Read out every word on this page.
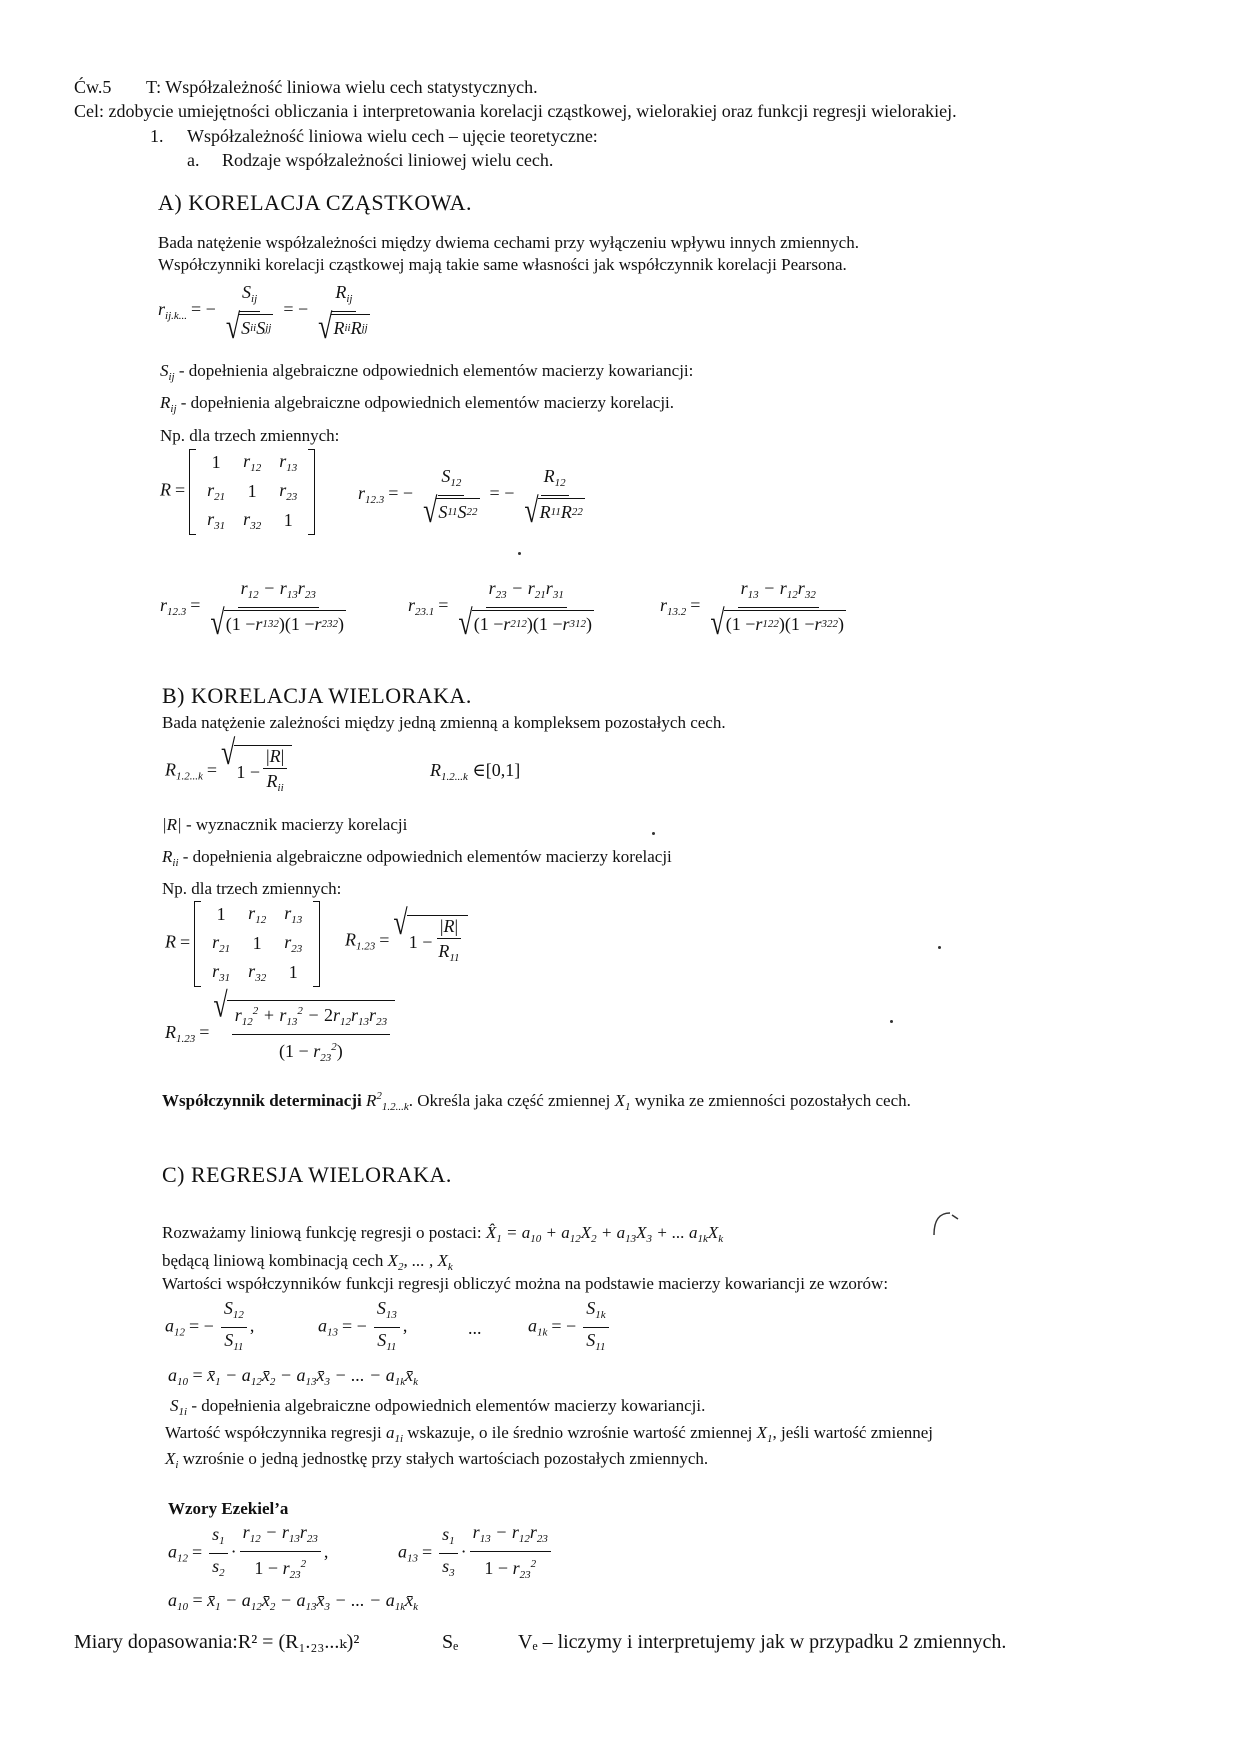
Ćw.5 T: Współzależność liniowa wielu cech statystycznych.
Cel: zdobycie umiejętności obliczania i interpretowania korelacji cząstkowej, wielorakiej oraz funkcji regresji wielorakiej.
1. Współzależność liniowa wielu cech – ujęcie teoretyczne:
a. Rodzaje współzależności liniowej wielu cech.
A) KORELACJA CZĄSTKOWA.
Bada natężenie współzależności między dwiema cechami przy wyłączeniu wpływu innych zmiennych.
Współczynniki korelacji cząstkowej mają takie same własności jak współczynnik korelacji Pearsona.
$r_{ij.k...}$ = − $\frac{S_{ij}}{\text{√ S ii S jj}}$ = − $\frac{R_{ij}}{\text{√ R ii R jj}}$
$S_{ij}$ - dopełnienia algebraiczne odpowiednich elementów macierzy kowariancji:
$R_{ij}$ - dopełnienia algebraiczne odpowiednich elementów macierzy korelacji.
Np. dla trzech zmiennych:
R =
1	$r_{12}$	$r_{13}$
$r_{21}$	1	$r_{23}$
$r_{31}$	$r_{32}$	1
$r_{12.3}$ = − $\frac{S_{12}}{√ S 11 S 22}$ = − $\frac{R_{12}}{√ R 11 R 22}$
$r_{12.3} = \frac{r_{12} - r_{13}r_{23}}{√ (1 - r 13 2 )(1 - r 23 2 )}$	$r_{23.1} = \frac{r_{23} - r_{21}r_{31}}{√ (1 - r 21 2 )(1 - r 31 2 )}$	$r_{13.2} = \frac{r_{13} - r_{12}r_{32}}{√ (1 - r 12 2 )(1 - r 32 2 )}$
B) KORELACJA WIELORAKA.
Bada natężenie zależności między jedną zmienną a kompleksem pozostałych cech.
$R_{1.2...k}$ = √ $1 - \frac{|R|}{R_{ii}}$	$R_{1.2...k}$ ∈[0,1]
|R| - wyznacznik macierzy korelacji
$R_{ii}$ - dopełnienia algebraiczne odpowiednich elementów macierzy korelacji
Np. dla trzech zmiennych:
R =
1	$r_{12}$	$r_{13}$
$r_{21}$	1	$r_{23}$
$r_{31}$	$r_{32}$	1
$R_{1.23}$ = √ $1 - \frac{|R|}{R_{11}}$
$R_{1.23}$ =
√ $\frac{r_{12}^2 + r_{13}^2 - 2r_{12}r_{13}r_{23}}{(1 - r_{23}^2)}$
Współczynnik determinacji $R^2_{1.2...k}$. Określa jaka część zmiennej $X_1$ wynika ze zmienności pozostałych cech.
C) REGRESJA WIELORAKA.
Rozważamy liniową funkcję regresji o postaci: $X̂_1 = a_{10} + a_{12}X_2 + a_{13}X_3$ + ... $a_{1k}X_k$
będącą liniową kombinacją cech $X_2$, ... , $X_k$
Wartości współczynników funkcji regresji obliczyć można na podstawie macierzy kowariancji ze wzorów:
$a_{12}$ = − $\frac{S_{12}}{S_{11}}$ ,	$a_{13}$ = − $\frac{S_{13}}{S_{11}}$ ,	...	$a_{1k}$ = − $\frac{S_{1k}}{S_{11}}$
$a_{10}$ = $x̄_1$ − $a_{12}x̄_2$ − $a_{13}x̄_3$ − ... − $a_{1k}x̄_k$
$S_{1i}$ - dopełnienia algebraiczne odpowiednich elementów macierzy kowariancji.
Wartość współczynnika regresji $a_{1i}$ wskazuje, o ile średnio wzrośnie wartość zmiennej $X_1$, jeśli wartość zmiennej
$X_i$ wzrośnie o jedną jednostkę przy stałych wartościach pozostałych zmiennych.
Wzory Ezekiel’a
$a_{12} = \frac{s_1}{s_2} \cdot \frac{r_{12} - r_{13}r_{23}}{1 - r_{23}^2}$ ,	$a_{13} = \frac{s_1}{s_3} \cdot \frac{r_{13} - r_{12}r_{23}}{1 - r_{23}^2}$
$a_{10}$ = $x̄_1$ − $a_{12}x̄_2$ − $a_{13}x̄_3$ − ... − $a_{1k}x̄_k$
Miary dopasowania:R² = (R₁.₂₃...ₖ)²	Sₑ	Vₑ – liczymy i interpretujemy jak w przypadku 2 zmiennych.
